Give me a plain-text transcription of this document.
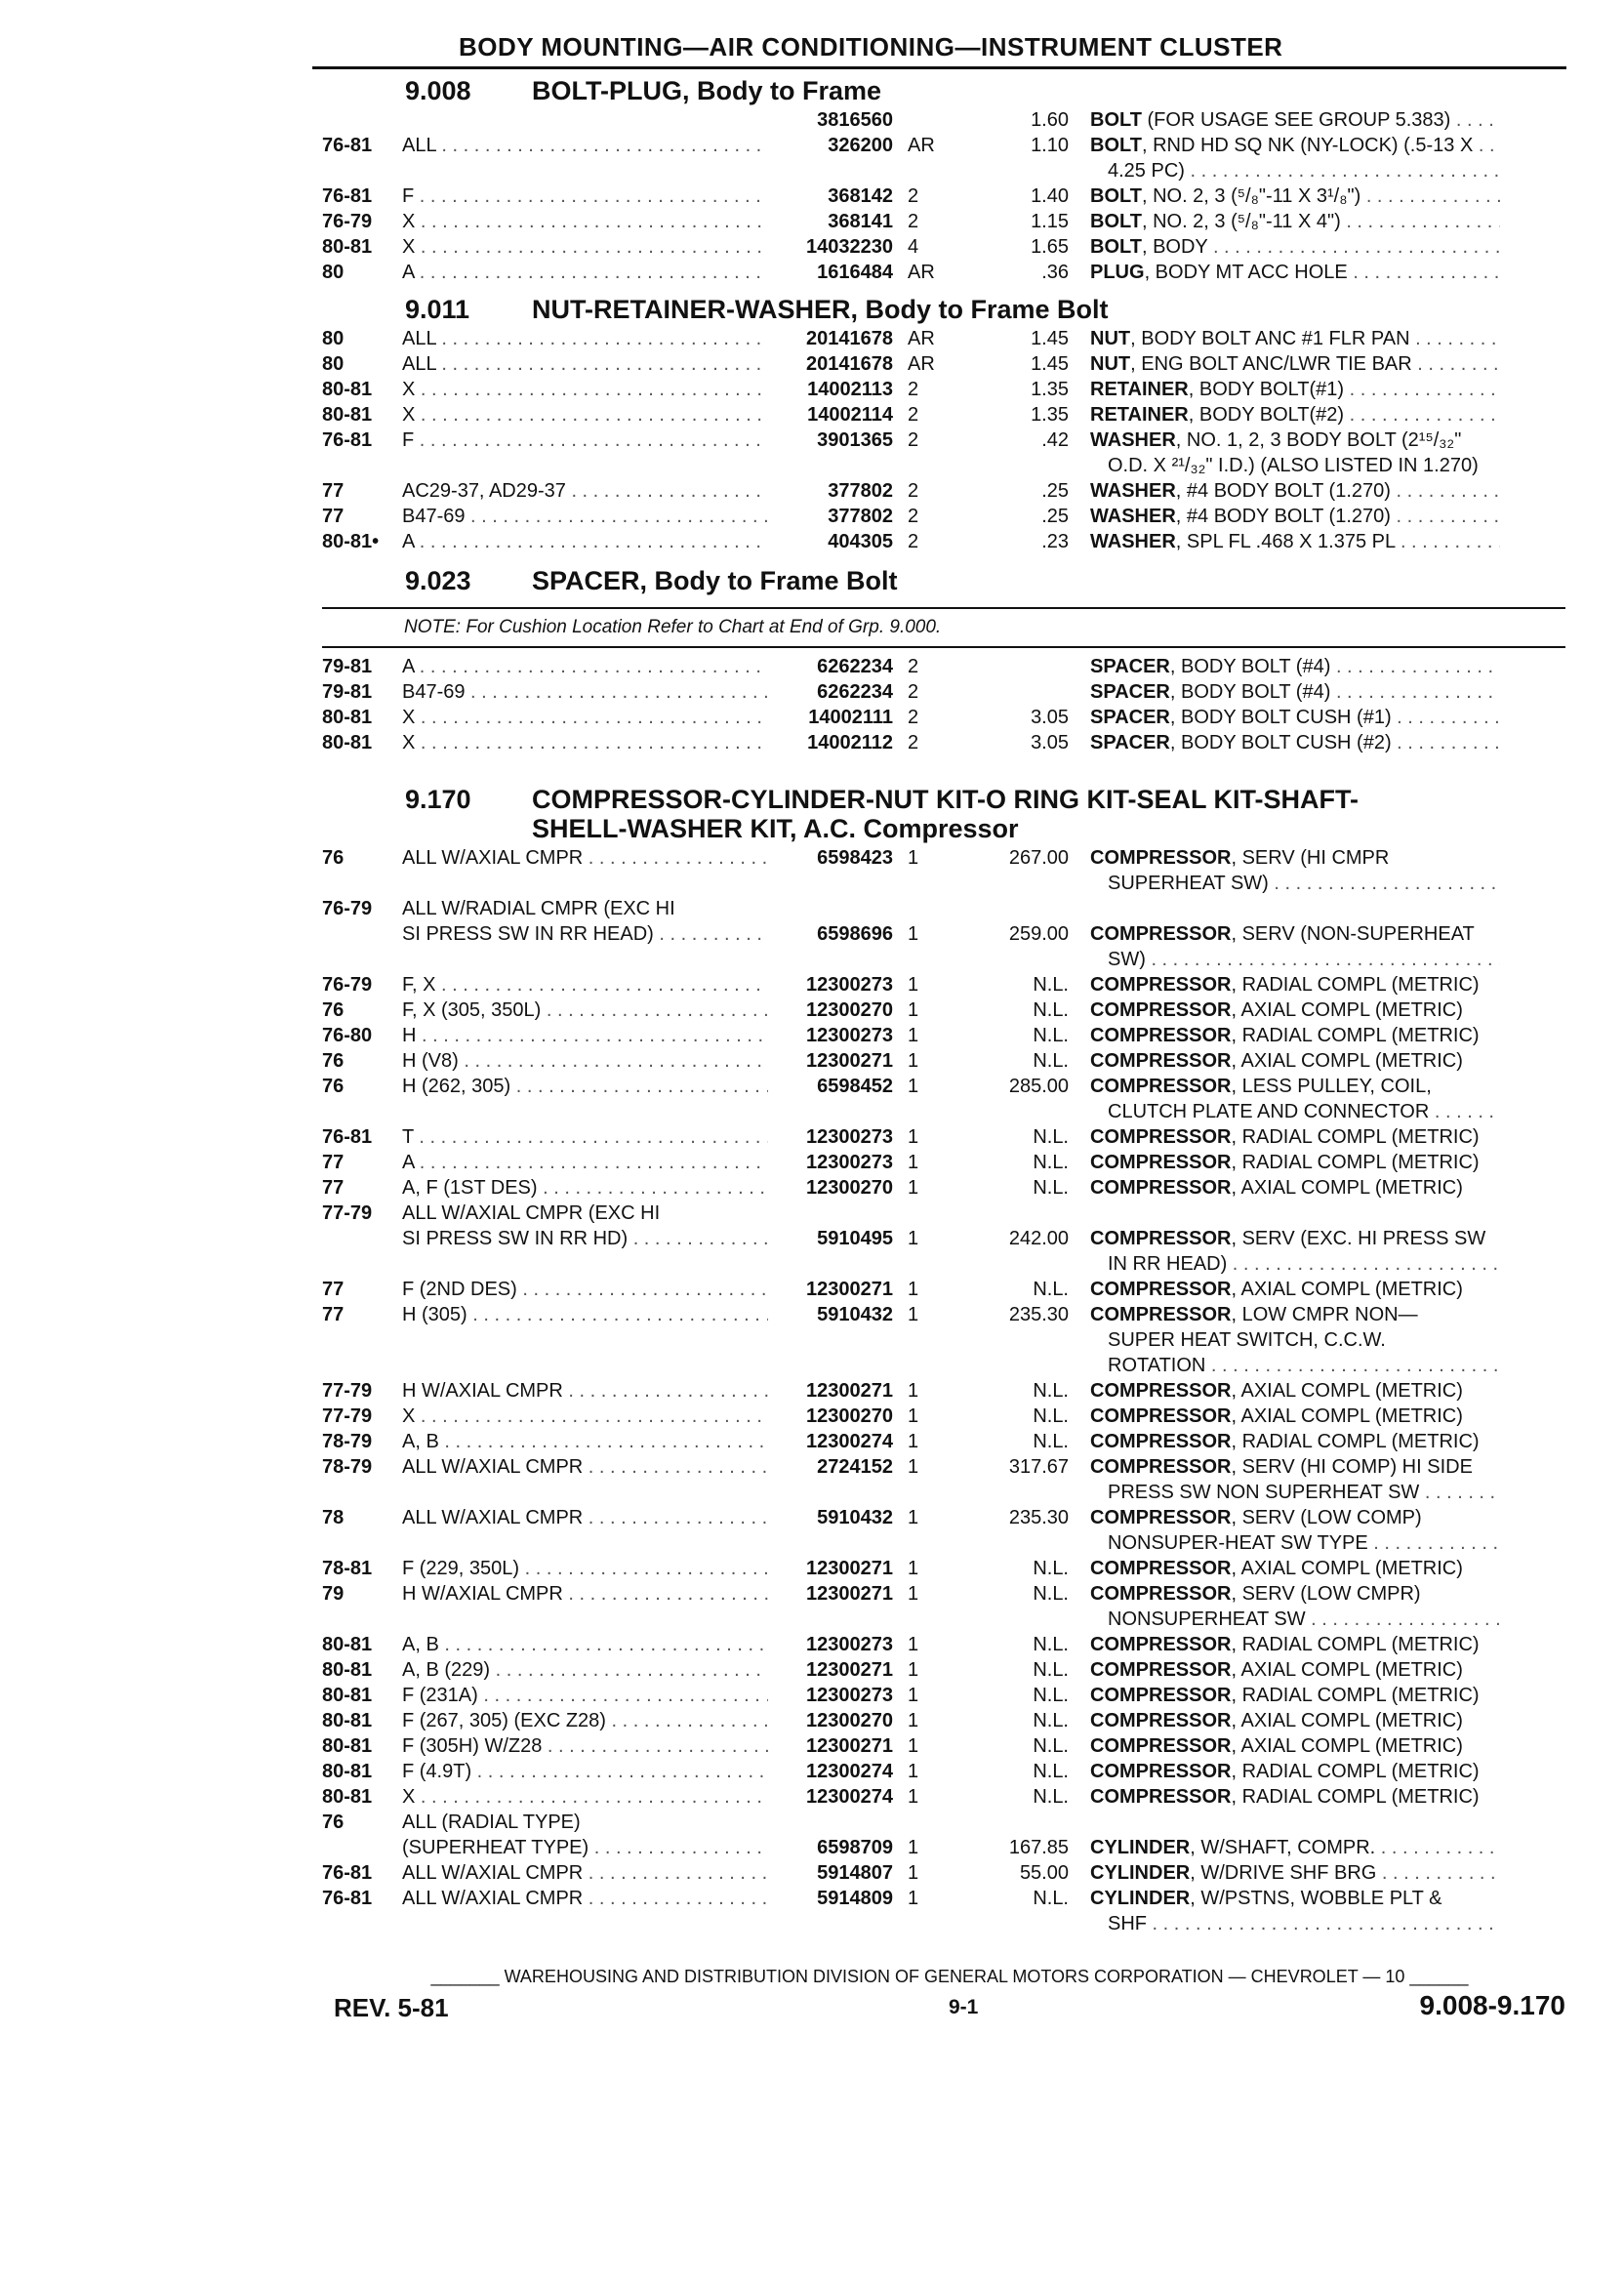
BODY MOUNTING—AIR CONDITIONING—INSTRUMENT CLUSTER
9.008 BOLT-PLUG, Body to Frame
3816560	1.60 BOLT (FOR USAGE SEE GROUP 5.383) . . .
76-81 ALL . . .	326200 AR	1.10 BOLT, RND HD SQ NK (NY-LOCK) (.5-13 X . . .
4.25 PC) . . .
76-81 F . . .	368142 2	1.40 BOLT, NO. 2, 3 (⁵/₈"-11 X 3¹/₈") . . .
76-79 X . . .	368141 2	1.15 BOLT, NO. 2, 3 (⁵/₈"-11 X 4") . . .
80-81 X . . .	14032230 4	1.65 BOLT, BODY . . .
80	A . . .	1616484 AR	.36 PLUG, BODY MT ACC HOLE . . .
9.011 NUT-RETAINER-WASHER, Body to Frame Bolt
80	ALL . . .	20141678 AR	1.45 NUT, BODY BOLT ANC #1 FLR PAN . . .
80	ALL . . .	20141678 AR	1.45 NUT, ENG BOLT ANC/LWR TIE BAR . . .
80-81 X . . .	14002113 2	1.35 RETAINER, BODY BOLT(#1) . . .
80-81 X . . .	14002114 2	1.35 RETAINER, BODY BOLT(#2) . . .
76-81 F . . .	3901365 2	.42 WASHER, NO. 1, 2, 3 BODY BOLT (2¹⁵/₃₂"
O.D. X ²¹/₃₂" I.D.) (ALSO LISTED IN 1.270)
77	AC29-37, AD29-37 . . .	377802 2	.25 WASHER, #4 BODY BOLT (1.270) . . .
77	B47-69 . . .	377802 2	.25 WASHER, #4 BODY BOLT (1.270) . . .
80-81• A . . .	404305 2	.23 WASHER, SPL FL .468 X 1.375 PL . . .
9.023 SPACER, Body to Frame Bolt
NOTE: For Cushion Location Refer to Chart at End of Grp. 9.000.
79-81 A . . .	6262234 2	SPACER, BODY BOLT (#4) . . .
79-81 B47-69 . . .	6262234 2	SPACER, BODY BOLT (#4) . . .
80-81 X . . .	14002111 2	3.05 SPACER, BODY BOLT CUSH (#1) . . .
80-81 X . . .	14002112 2	3.05 SPACER, BODY BOLT CUSH (#2) . . .
9.170 COMPRESSOR-CYLINDER-NUT KIT-O RING KIT-SEAL KIT-SHAFT-
SHELL-WASHER KIT, A.C. Compressor
76	ALL W/AXIAL CMPR . . .	6598423 1	267.00 COMPRESSOR, SERV (HI CMPR
SUPERHEAT SW) . . .
76-79 ALL W/RADIAL CMPR (EXC HI
SI PRESS SW IN RR HEAD) . . .	6598696 1	259.00 COMPRESSOR, SERV (NON-SUPERHEAT
SW) . . .
76-79 F, X . . .	12300273 1	N.L. COMPRESSOR, RADIAL COMPL (METRIC)
76	F, X (305, 350L) . . .	12300270 1	N.L. COMPRESSOR, AXIAL COMPL (METRIC)
76-80 H . . .	12300273 1	N.L. COMPRESSOR, RADIAL COMPL (METRIC)
76	H (V8) . . .	12300271 1	N.L. COMPRESSOR, AXIAL COMPL (METRIC)
76	H (262, 305) . . .	6598452 1	285.00 COMPRESSOR, LESS PULLEY, COIL,
CLUTCH PLATE AND CONNECTOR . . .
76-81 T . . .	12300273 1	N.L. COMPRESSOR, RADIAL COMPL (METRIC)
77	A . . .	12300273 1	N.L. COMPRESSOR, RADIAL COMPL (METRIC)
77	A, F (1ST DES) . . .	12300270 1	N.L. COMPRESSOR, AXIAL COMPL (METRIC)
77-79 ALL W/AXIAL CMPR (EXC HI
SI PRESS SW IN RR HD) . . .	5910495 1	242.00 COMPRESSOR, SERV (EXC. HI PRESS SW
IN RR HEAD) . . .
77	F (2ND DES) . . .	12300271 1	N.L. COMPRESSOR, AXIAL COMPL (METRIC)
77	H (305) . . .	5910432 1	235.30 COMPRESSOR, LOW CMPR NON—
SUPER HEAT SWITCH, C.C.W.
ROTATION . . .
77-79 H W/AXIAL CMPR . . .	12300271 1	N.L. COMPRESSOR, AXIAL COMPL (METRIC)
77-79 X . . .	12300270 1	N.L. COMPRESSOR, AXIAL COMPL (METRIC)
78-79 A, B . . .	12300274 1	N.L. COMPRESSOR, RADIAL COMPL (METRIC)
78-79 ALL W/AXIAL CMPR . . .	2724152 1	317.67 COMPRESSOR, SERV (HI COMP) HI SIDE
PRESS SW NON SUPERHEAT SW . . .
78	ALL W/AXIAL CMPR . . .	5910432 1	235.30 COMPRESSOR, SERV (LOW COMP)
NONSUPER-HEAT SW TYPE . . .
78-81 F (229, 350L) . . .	12300271 1	N.L. COMPRESSOR, AXIAL COMPL (METRIC)
79	H W/AXIAL CMPR . . .	12300271 1	N.L. COMPRESSOR, SERV (LOW CMPR)
NONSUPERHEAT SW . . .
80-81 A, B . . .	12300273 1	N.L. COMPRESSOR, RADIAL COMPL (METRIC)
80-81 A, B (229) . . .	12300271 1	N.L. COMPRESSOR, AXIAL COMPL (METRIC)
80-81 F (231A) . . .	12300273 1	N.L. COMPRESSOR, RADIAL COMPL (METRIC)
80-81 F (267, 305) (EXC Z28) . . .	12300270 1	N.L. COMPRESSOR, AXIAL COMPL (METRIC)
80-81 F (305H) W/Z28 . . .	12300271 1	N.L. COMPRESSOR, AXIAL COMPL (METRIC)
80-81 F (4.9T) . . .	12300274 1	N.L. COMPRESSOR, RADIAL COMPL (METRIC)
80-81 X . . .	12300274 1	N.L. COMPRESSOR, RADIAL COMPL (METRIC)
76	ALL (RADIAL TYPE)
(SUPERHEAT TYPE) . . .	6598709 1	167.85 CYLINDER, W/SHAFT, COMPR. . . .
76-81 ALL W/AXIAL CMPR . . .	5914807 1	55.00 CYLINDER, W/DRIVE SHF BRG . . .
76-81 ALL W/AXIAL CMPR . . .	5914809 1	N.L. CYLINDER, W/PSTNS, WOBBLE PLT &
SHF . . .
_______ WAREHOUSING AND DISTRIBUTION DIVISION OF GENERAL MOTORS CORPORATION — CHEVROLET — 10 ______
REV. 5-81	9-1	9.008-9.170
